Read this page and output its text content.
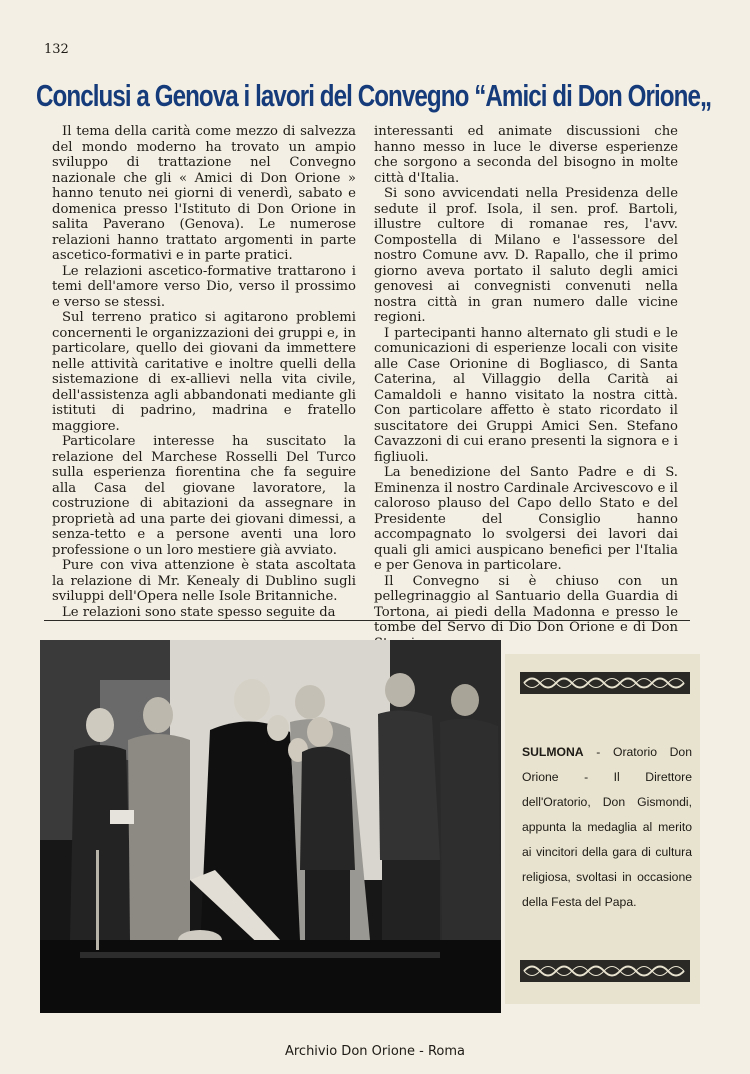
132
Conclusi a Genova i lavori del Convegno “Amici di Don Orione„

Il tema della carità come mezzo di salvezza del mondo moderno ha trovato un ampio sviluppo di trattazione nel Convegno nazionale che gli « Amici di Don Orione » hanno tenuto nei giorni di venerdì, sabato e domenica presso l'Istituto di Don Orione in salita Paverano (Genova). Le numerose relazioni hanno trattato argomenti in parte ascetico-formativi e in parte pratici.

Le relazioni ascetico-formative trattarono i temi dell'amore verso Dio, verso il prossimo e verso se stessi.

Sul terreno pratico si agitarono problemi concernenti le organizzazioni dei gruppi e, in particolare, quello dei giovani da immettere nelle attività caritative e inoltre quelli della sistemazione di ex-allievi nella vita civile, dell'assistenza agli abbandonati mediante gli istituti di padrino, madrina e fratello maggiore.

Particolare interesse ha suscitato la relazione del Marchese Rosselli Del Turco sulla esperienza fiorentina che fa seguire alla Casa del giovane lavoratore, la costruzione di abitazioni da assegnare in proprietà ad una parte dei giovani dimessi, a senza-tetto e a persone aventi una loro professione o un loro mestiere già avviato.

Pure con viva attenzione è stata ascoltata la relazione di Mr. Kenealy di Dublino sugli sviluppi dell'Opera nelle Isole Britanniche.

Le relazioni sono state spesso seguite da

interessanti ed animate discussioni che hanno messo in luce le diverse esperienze che sorgono a seconda del bisogno in molte città d'Italia.

Si sono avvicendati nella Presidenza delle sedute il prof. Isola, il sen. prof. Bartoli, illustre cultore di romanae res, l'avv. Compostella di Milano e l'assessore del nostro Comune avv. D. Rapallo, che il primo giorno aveva portato il saluto degli amici genovesi ai convegnisti convenuti nella nostra città in gran numero dalle vicine regioni.

I partecipanti hanno alternato gli studi e le comunicazioni di esperienze locali con visite alle Case Orionine di Bogliasco, di Santa Caterina, al Villaggio della Carità ai Camaldoli e hanno visitato la nostra città. Con particolare affetto è stato ricordato il suscitatore dei Gruppi Amici Sen. Stefano Cavazzoni di cui erano presenti la signora e i figliuoli.

La benedizione del Santo Padre e di S. Eminenza il nostro Cardinale Arcivescovo e il caloroso plauso del Capo dello Stato e del Presidente del Consiglio hanno accompagnato lo svolgersi dei lavori dai quali gli amici auspicano benefici per l'Italia e per Genova in particolare.

Il Convegno si è chiuso con un pellegrinaggio al Santuario della Guardia di Tortona, ai piedi della Madonna e presso le tombe del Servo di Dio Don Orione e di Don

SULMONA - Oratorio Don Orione - Il Direttore dell'Oratorio, Don Gismondi, appunta la medaglia al merito ai vincitori della gara di cultura religiosa, svoltasi in occasione della Festa del Papa.
Archivio Don Orione - Roma
